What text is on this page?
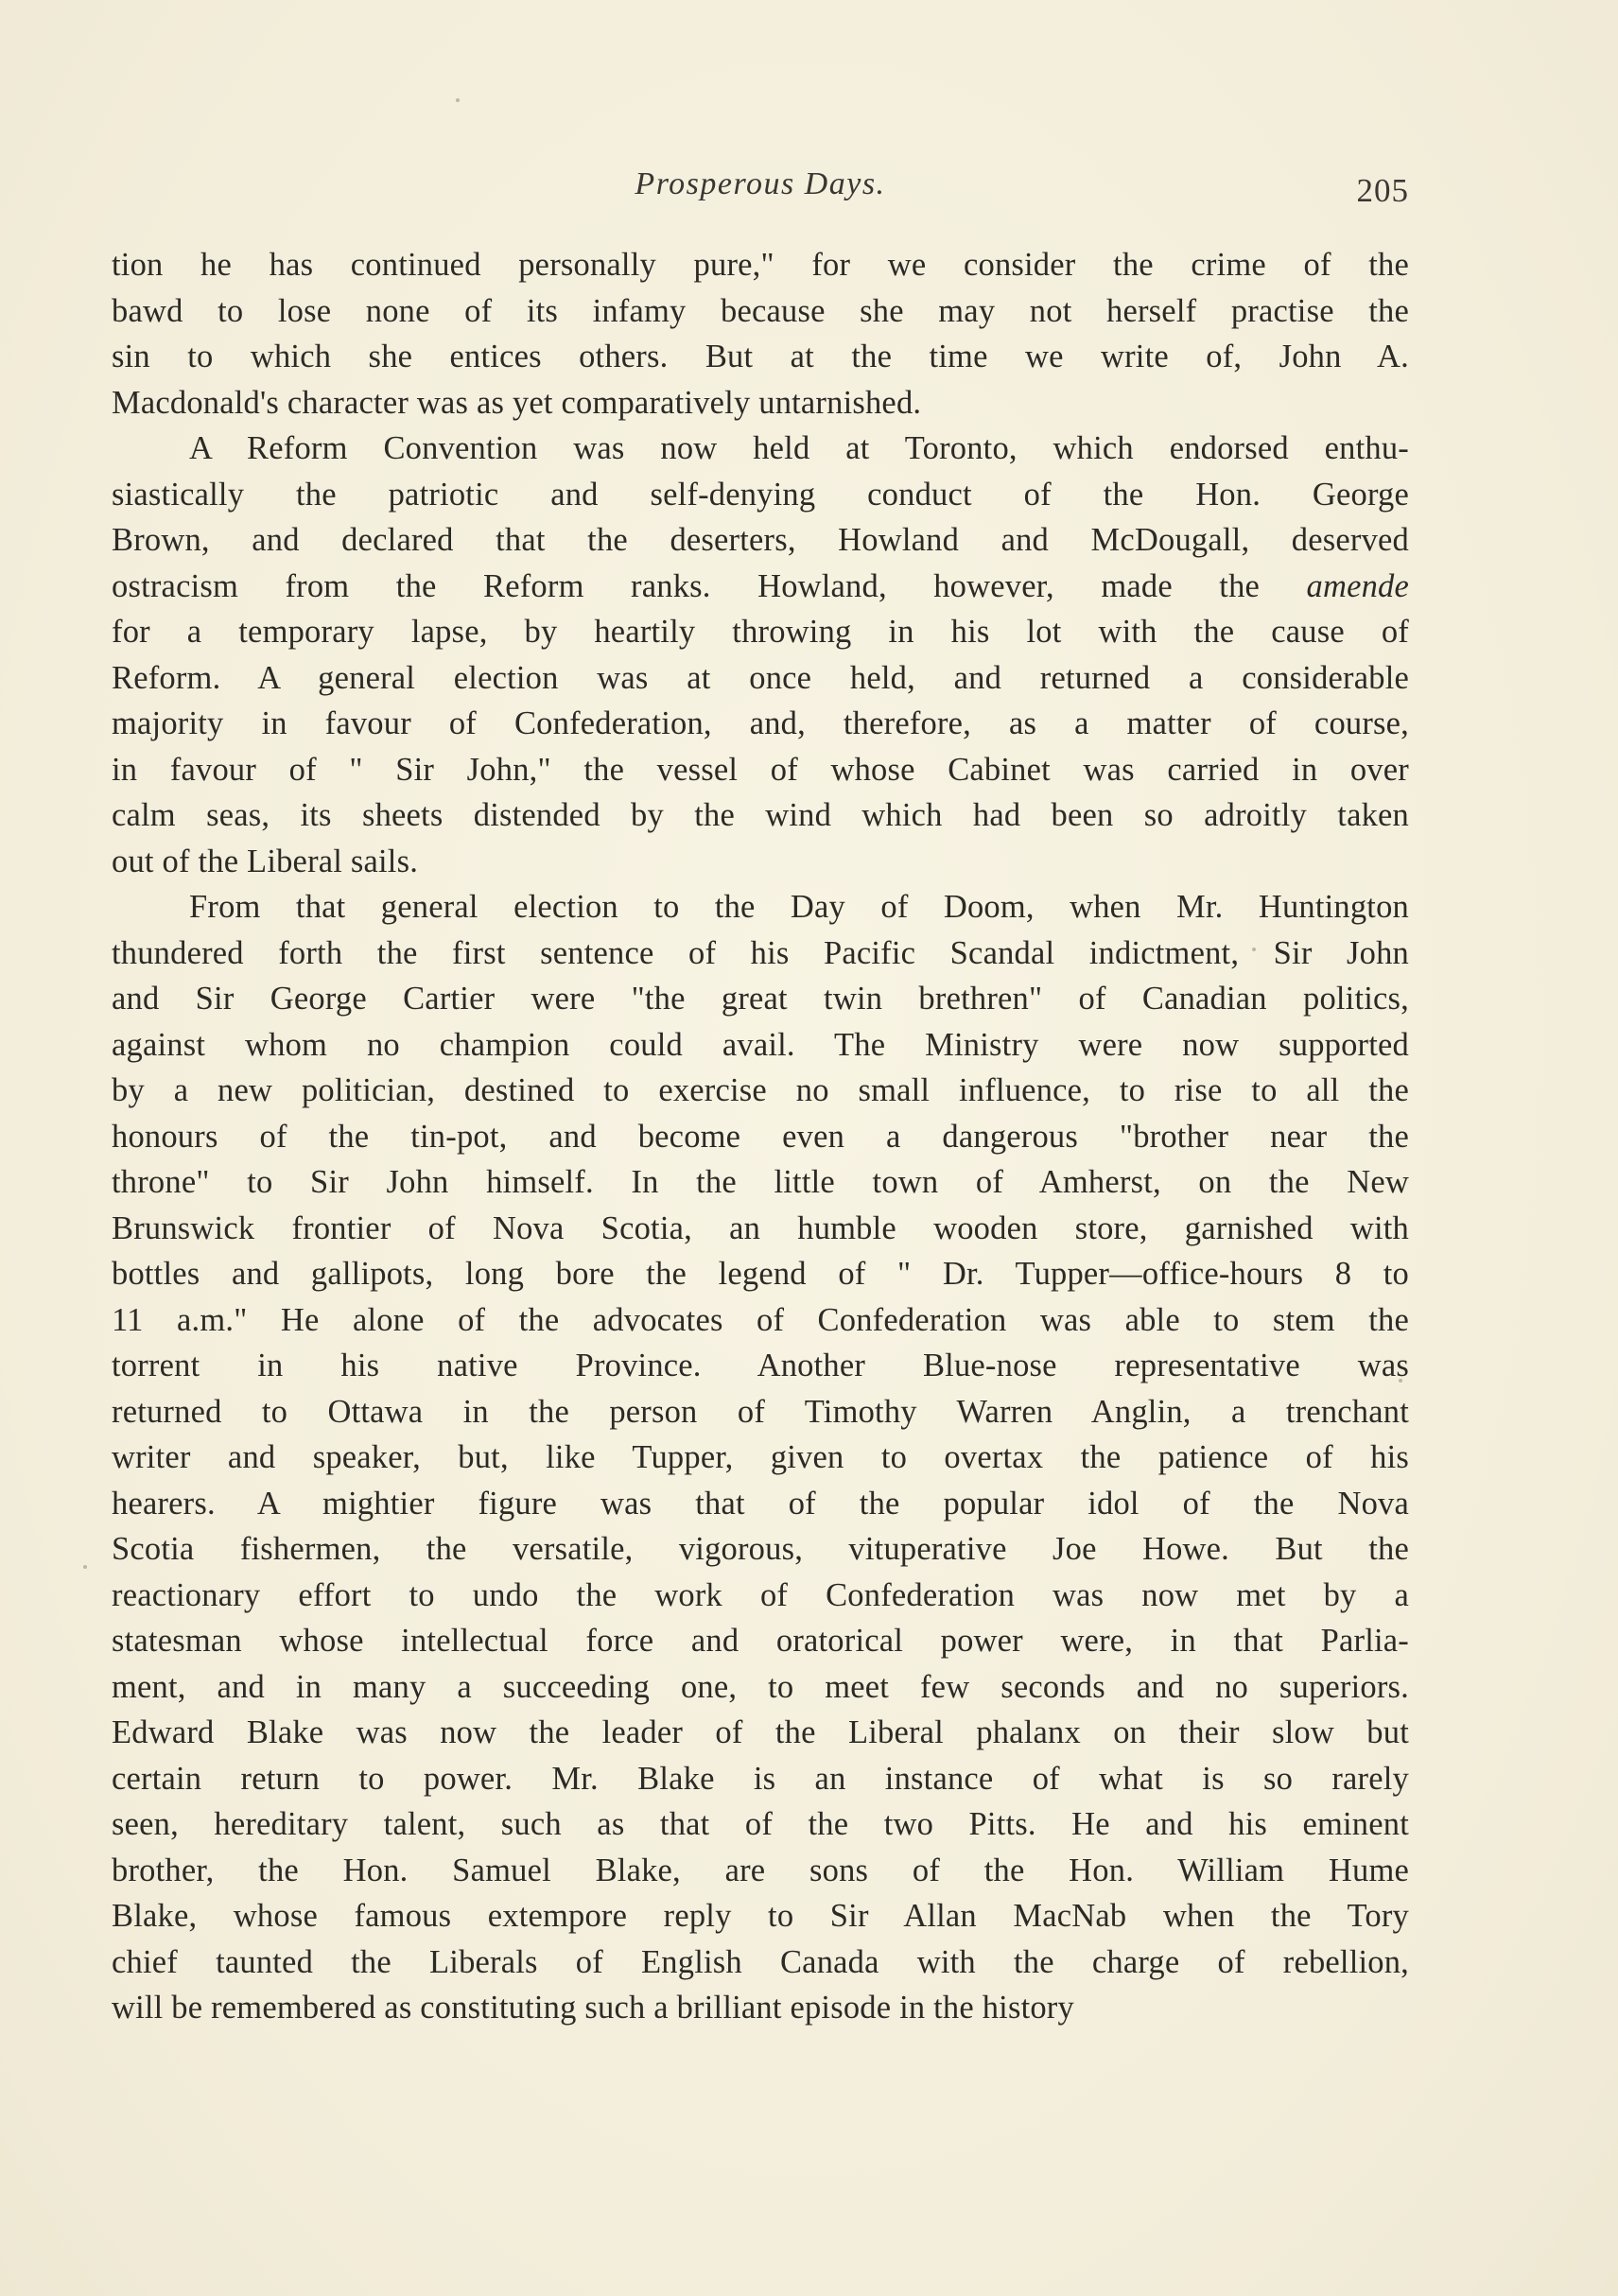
Prosperous Days.	205
tion he has continued personally pure," for we consider the crime of the
bawd to lose none of its infamy because she may not herself practise the
sin to which she entices others. But at the time we write of, John A.
Macdonald's character was as yet comparatively untarnished.
A Reform Convention was now held at Toronto, which endorsed enthu-
siastically the patriotic and self-denying conduct of the Hon. George
Brown, and declared that the deserters, Howland and McDougall, deserved
ostracism from the Reform ranks. Howland, however, made the amende
for a temporary lapse, by heartily throwing in his lot with the cause of
Reform. A general election was at once held, and returned a considerable
majority in favour of Confederation, and, therefore, as a matter of course,
in favour of " Sir John," the vessel of whose Cabinet was carried in over
calm seas, its sheets distended by the wind which had been so adroitly taken
out of the Liberal sails.
From that general election to the Day of Doom, when Mr. Huntington
thundered forth the first sentence of his Pacific Scandal indictment, Sir John
and Sir George Cartier were "the great twin brethren" of Canadian politics,
against whom no champion could avail. The Ministry were now supported
by a new politician, destined to exercise no small influence, to rise to all the
honours of the tin-pot, and become even a dangerous "brother near the
throne" to Sir John himself. In the little town of Amherst, on the New
Brunswick frontier of Nova Scotia, an humble wooden store, garnished with
bottles and gallipots, long bore the legend of " Dr. Tupper—office-hours 8 to
11 a.m." He alone of the advocates of Confederation was able to stem the
torrent in his native Province. Another Blue-nose representative was
returned to Ottawa in the person of Timothy Warren Anglin, a trenchant
writer and speaker, but, like Tupper, given to overtax the patience of his
hearers. A mightier figure was that of the popular idol of the Nova
Scotia fishermen, the versatile, vigorous, vituperative Joe Howe. But the
reactionary effort to undo the work of Confederation was now met by a
statesman whose intellectual force and oratorical power were, in that Parlia-
ment, and in many a succeeding one, to meet few seconds and no superiors.
Edward Blake was now the leader of the Liberal phalanx on their slow but
certain return to power. Mr. Blake is an instance of what is so rarely
seen, hereditary talent, such as that of the two Pitts. He and his eminent
brother, the Hon. Samuel Blake, are sons of the Hon. William Hume
Blake, whose famous extempore reply to Sir Allan MacNab when the Tory
chief taunted the Liberals of English Canada with the charge of rebellion,
will be remembered as constituting such a brilliant episode in the history
